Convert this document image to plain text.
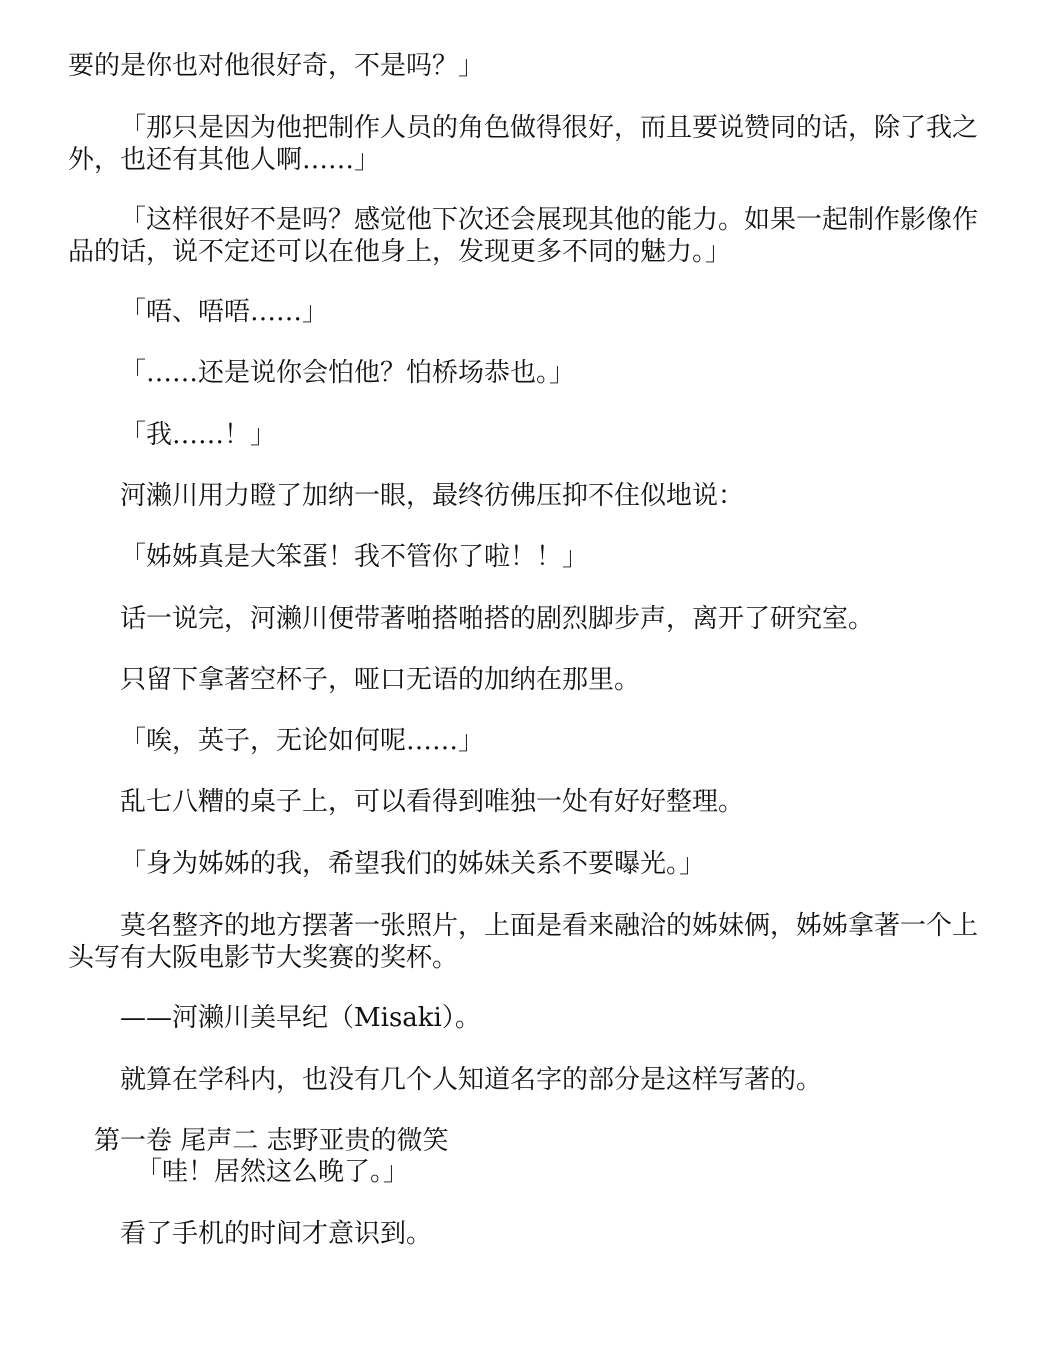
要的是你也对他很好奇，不是吗？」
「那只是因为他把制作人员的角色做得很好，而且要说赞同的话，除了我之外，也还有其他人啊……」
「这样很好不是吗？感觉他下次还会展现其他的能力。如果一起制作影像作品的话，说不定还可以在他身上，发现更多不同的魅力。」
「唔、唔唔……」
「……还是说你会怕他？怕桥场恭也。」
「我……！」
河濑川用力瞪了加纳一眼，最终彷佛压抑不住似地说：
「姊姊真是大笨蛋！我不管你了啦！！」
话一说完，河濑川便带著啪搭啪搭的剧烈脚步声，离开了研究室。
只留下拿著空杯子，哑口无语的加纳在那里。
「唉，英子，无论如何呢……」
乱七八糟的桌子上，可以看得到唯独一处有好好整理。
「身为姊姊的我，希望我们的姊妹关系不要曝光。」
莫名整齐的地方摆著一张照片，上面是看来融洽的姊妹俩，姊姊拿著一个上头写有大阪电影节大奖赛的奖杯。
——河濑川美早纪（Misaki）。
就算在学科内，也没有几个人知道名字的部分是这样写著的。
第一卷 尾声二 志野亚贵的微笑
「哇！居然这么晚了。」
看了手机的时间才意识到。
